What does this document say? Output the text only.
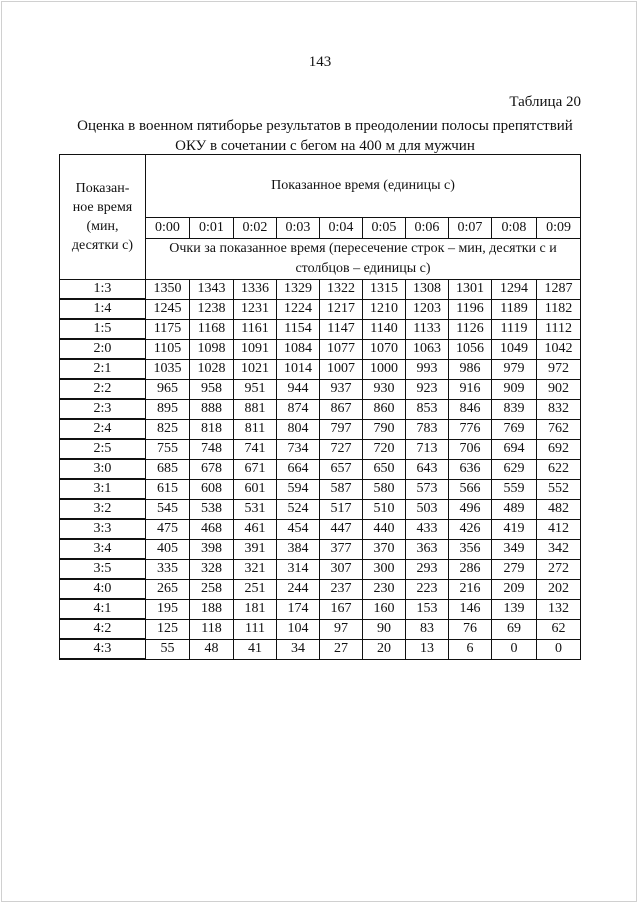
143
Таблица 20
Оценка в военном пятиборье результатов в преодолении полосы препятствий
ОКУ в сочетании с бегом на 400 м для мужчин
Показан-
ное время
(мин,
десятки с)	Показанное время (единицы с)									
	0:00	0:01	0:02	0:03	0:04	0:05	0:06	0:07	0:08	0:09
	Очки за показанное время (пересечение строк – мин, десятки с и столбцов – единицы с)									
1:3	1350	1343	1336	1329	1322	1315	1308	1301	1294	1287
1:4	1245	1238	1231	1224	1217	1210	1203	1196	1189	1182
1:5	1175	1168	1161	1154	1147	1140	1133	1126	1119	1112
2:0	1105	1098	1091	1084	1077	1070	1063	1056	1049	1042
2:1	1035	1028	1021	1014	1007	1000	993	986	979	972
2:2	965	958	951	944	937	930	923	916	909	902
2:3	895	888	881	874	867	860	853	846	839	832
2:4	825	818	811	804	797	790	783	776	769	762
2:5	755	748	741	734	727	720	713	706	694	692
3:0	685	678	671	664	657	650	643	636	629	622
3:1	615	608	601	594	587	580	573	566	559	552
3:2	545	538	531	524	517	510	503	496	489	482
3:3	475	468	461	454	447	440	433	426	419	412
3:4	405	398	391	384	377	370	363	356	349	342
3:5	335	328	321	314	307	300	293	286	279	272
4:0	265	258	251	244	237	230	223	216	209	202
4:1	195	188	181	174	167	160	153	146	139	132
4:2	125	118	111	104	97	90	83	76	69	62
4:3	55	48	41	34	27	20	13	6	0	0
